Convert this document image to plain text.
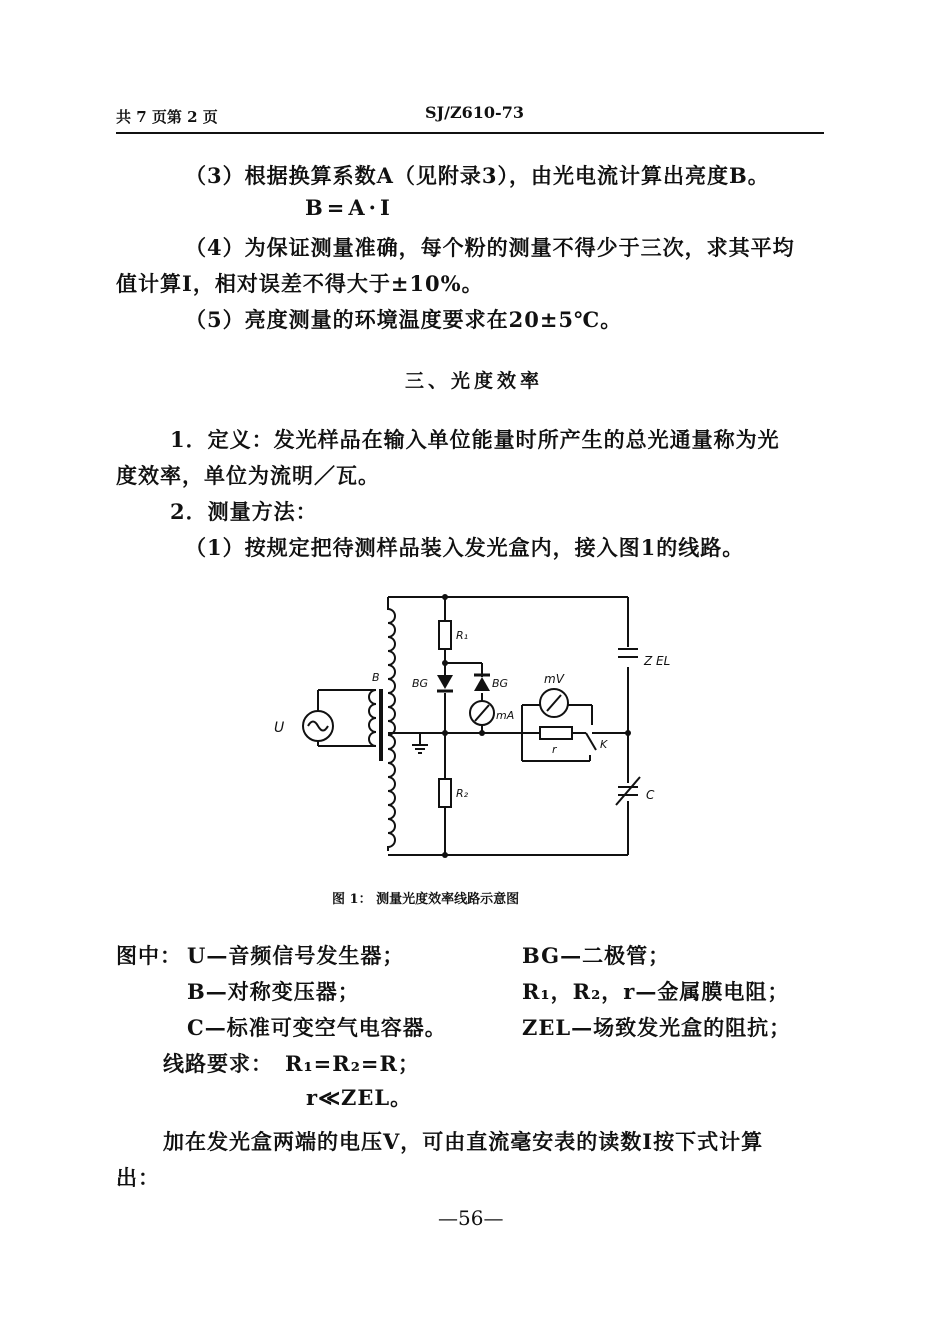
共 7 页第 2 页	SJ/Z610-73
（3）根据换算系数A（见附录3），由光电流计算出亮度B。
B=A·I
（4）为保证测量准确，每个粉的测量不得少于三次，求其平均
值计算I，相对误差不得大于±10%。
（5）亮度测量的环境温度要求在20±5℃。
三、光度效率
1．定义：发光样品在输入单位能量时所产生的总光通量称为光
度效率，单位为流明／瓦。
2．测量方法：
（1）按规定把待测样品装入发光盒内，接入图1的线路。
R₁
R₂
BG	BG	mV
mA
r	K
U
B
Z EL
C
图 1： 测量光度效率线路示意图
图中： U—音频信号发生器；	BG—二极管；
B—对称变压器；	R₁，R₂，r—金属膜电阻；
C—标准可变空气电容器。	ZEL—场致发光盒的阻抗；
线路要求： R₁=R₂=R；
r≪ZEL。
加在发光盒两端的电压V，可由直流毫安表的读数I按下式计算
出：
—56—
